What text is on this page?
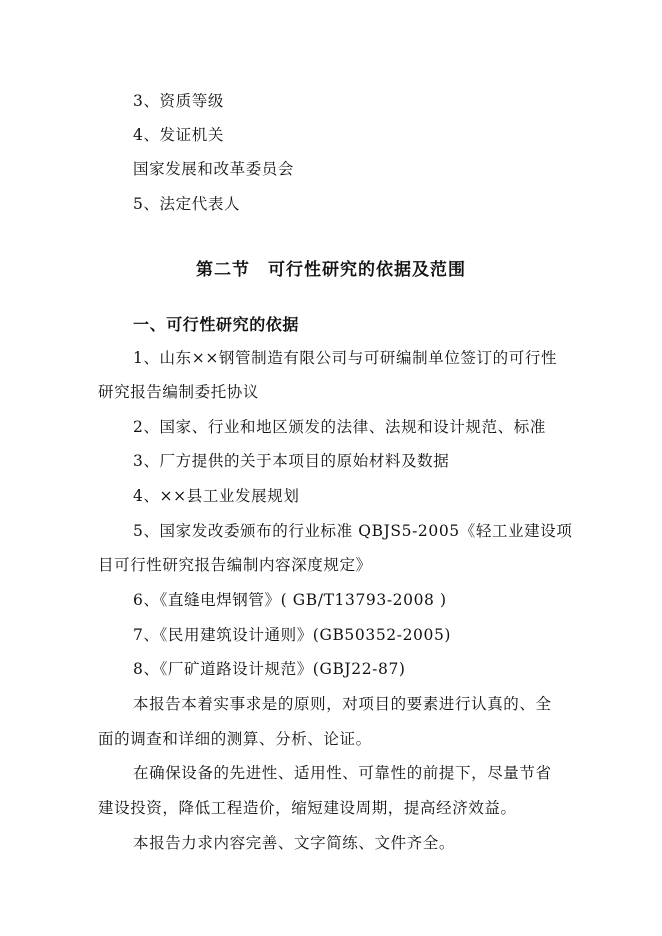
3、资质等级
4、发证机关
国家发展和改革委员会
5、法定代表人
第二节　可行性研究的依据及范围
一、可行性研究的依据
1、山东××钢管制造有限公司与可研编制单位签订的可行性
研究报告编制委托协议
2、国家、行业和地区颁发的法律、法规和设计规范、标准
3、厂方提供的关于本项目的原始材料及数据
4、××县工业发展规划
5、国家发改委颁布的行业标准 QBJS5-2005《轻工业建设项
目可行性研究报告编制内容深度规定》
6、《直缝电焊钢管》( GB/T13793-2008 )
7、《民用建筑设计通则》(GB50352-2005)
8、《厂矿道路设计规范》(GBJ22-87)
本报告本着实事求是的原则，对项目的要素进行认真的、全
面的调查和详细的测算、分析、论证。
在确保设备的先进性、适用性、可靠性的前提下，尽量节省
建设投资，降低工程造价，缩短建设周期，提高经济效益。
本报告力求内容完善、文字简练、文件齐全。
